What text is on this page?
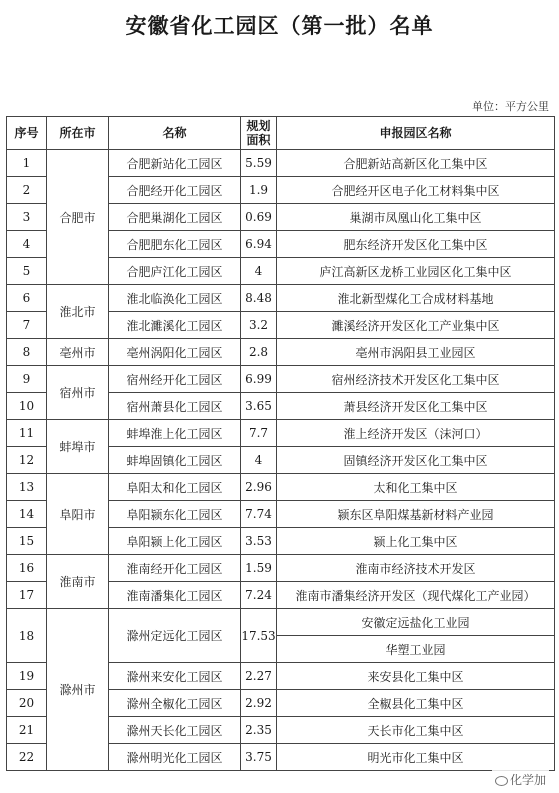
安徽省化工园区（第一批）名单
单位：平方公里
序号	所在市	名称	规划面积	申报园区名称
1	合肥市	合肥新站化工园区	5.59	合肥新站高新区化工集中区
2		合肥经开化工园区	1.9	合肥经开区电子化工材料集中区
3		合肥巢湖化工园区	0.69	巢湖市凤凰山化工集中区
4		合肥肥东化工园区	6.94	肥东经济开发区化工集中区
5		合肥庐江化工园区	4	庐江高新区龙桥工业园区化工集中区
6	淮北市	淮北临涣化工园区	8.48	淮北新型煤化工合成材料基地
7		淮北濉溪化工园区	3.2	濉溪经济开发区化工产业集中区
8	亳州市	亳州涡阳化工园区	2.8	亳州市涡阳县工业园区
9	宿州市	宿州经开化工园区	6.99	宿州经济技术开发区化工集中区
10		宿州萧县化工园区	3.65	萧县经济开发区化工集中区
11	蚌埠市	蚌埠淮上化工园区	7.7	淮上经济开发区（沫河口）
12		蚌埠固镇化工园区	4	固镇经济开发区化工集中区
13	阜阳市	阜阳太和化工园区	2.96	太和化工集中区
14		阜阳颍东化工园区	7.74	颍东区阜阳煤基新材料产业园
15		阜阳颍上化工园区	3.53	颍上化工集中区
16	淮南市	淮南经开化工园区	1.59	淮南市经济技术开发区
17		淮南潘集化工园区	7.24	淮南市潘集经济开发区（现代煤化工产业园）
18	滁州市	滁州定远化工园区	17.53	安徽定远盐化工业园
				华塑工业园
19		滁州来安化工园区	2.27	来安县化工集中区
20		滁州全椒化工园区	2.92	全椒县化工集中区
21		滁州天长化工园区	2.35	天长市化工集中区
22		滁州明光化工园区	3.75	明光市化工集中区
化学加
